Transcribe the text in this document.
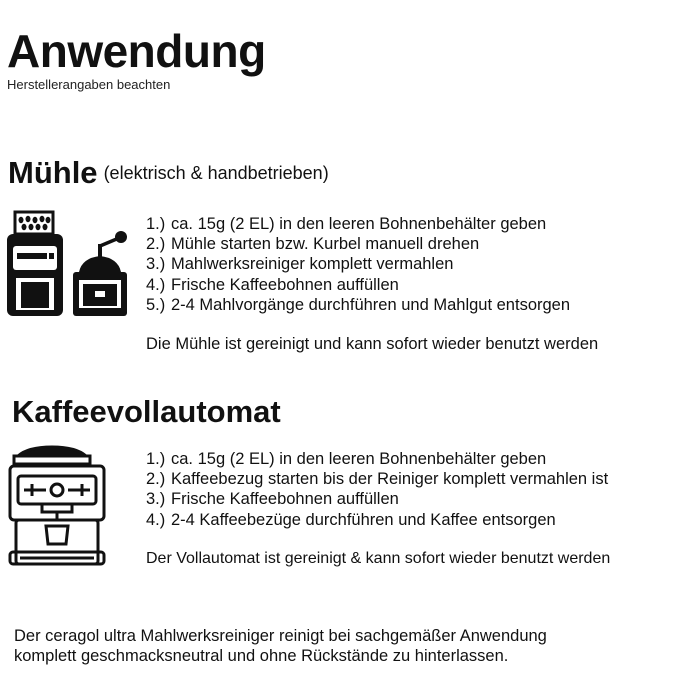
Anwendung
Herstellerangaben beachten
Mühle (elektrisch & handbetrieben)
1.) ca. 15g (2 EL) in den leeren Bohnenbehälter geben
2.) Mühle starten bzw. Kurbel manuell drehen
3.) Mahlwerksreiniger komplett vermahlen
4.) Frische Kaffeebohnen auffüllen
5.) 2-4 Mahlvorgänge durchführen und Mahlgut entsorgen
Die Mühle ist gereinigt und kann sofort wieder benutzt werden
Kaffeevollautomat
1.) ca. 15g (2 EL) in den leeren Bohnenbehälter geben
2.) Kaffeebezug starten bis der Reiniger komplett vermahlen ist
3.) Frische Kaffeebohnen auffüllen
4.) 2-4 Kaffeebezüge durchführen und Kaffee entsorgen
Der Vollautomat ist gereinigt & kann sofort wieder benutzt werden
Der ceragol ultra Mahlwerksreiniger reinigt bei sachgemäßer Anwendung
komplett geschmacksneutral und ohne Rückstände zu hinterlassen.
